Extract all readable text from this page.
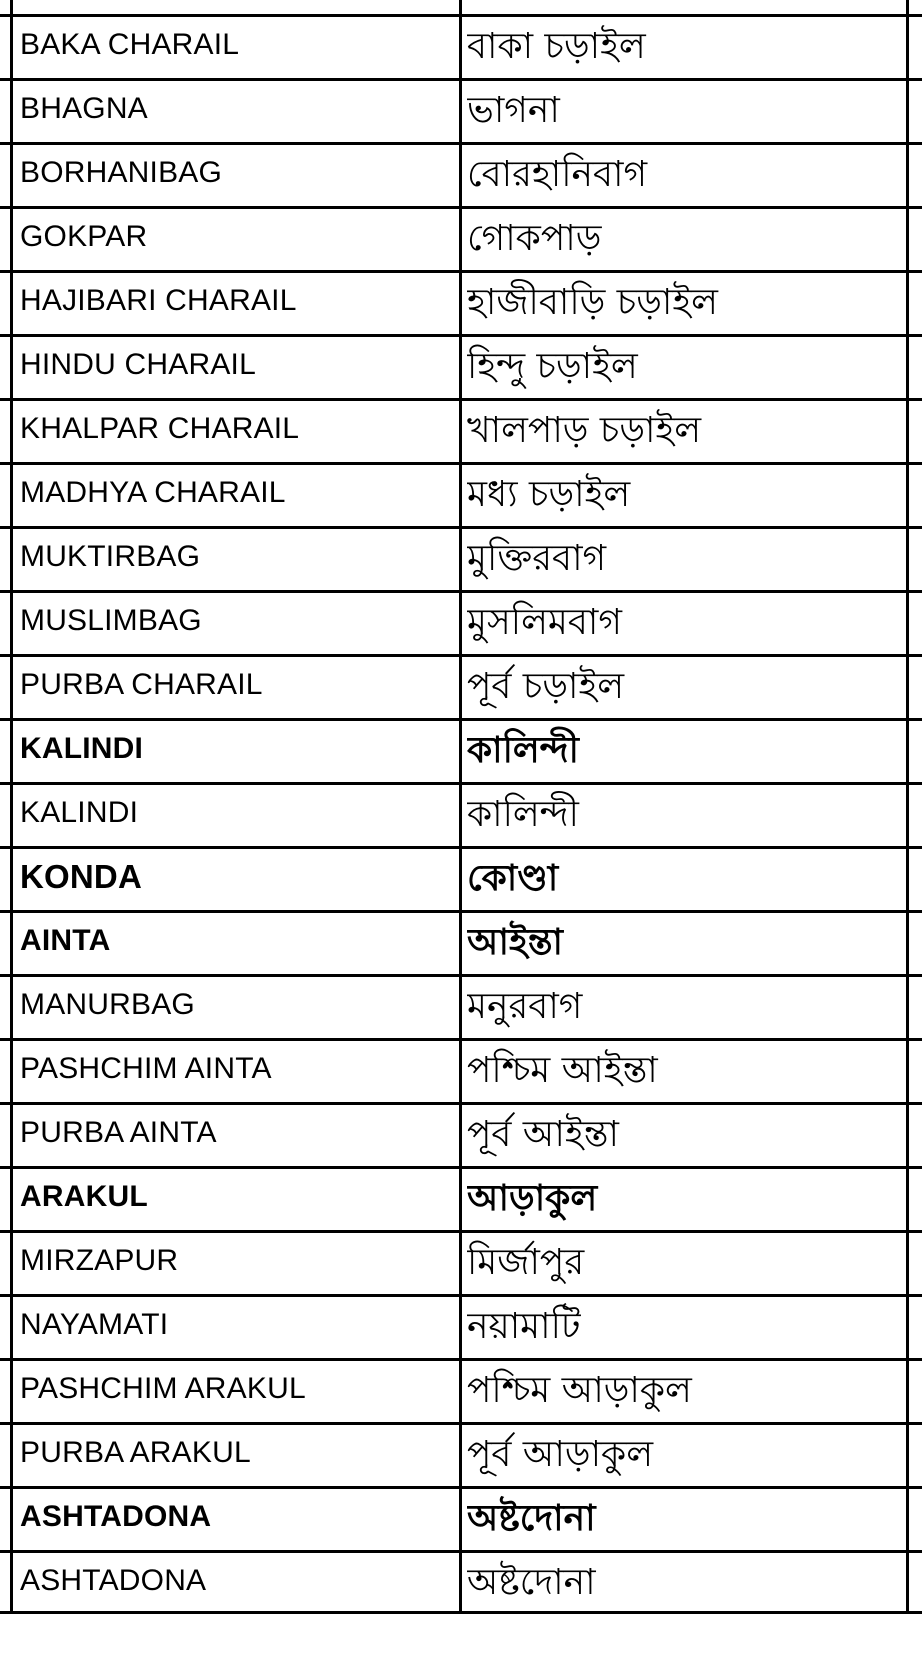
BAKA CHARAIL	বাকা চড়াইল
BHAGNA	ভাগনা
BORHANIBAG	বোরহানিবাগ
GOKPAR	গোকপাড়
HAJIBARI CHARAIL	হাজীবাড়ি চড়াইল
HINDU CHARAIL	হিন্দু চড়াইল
KHALPAR CHARAIL	খালপাড় চড়াইল
MADHYA CHARAIL	মধ্য চড়াইল
MUKTIRBAG	মুক্তিরবাগ
MUSLIMBAG	মুসলিমবাগ
PURBA CHARAIL	পূর্ব চড়াইল
KALINDI	কালিন্দী
KALINDI	কালিন্দী
KONDA	কোণ্ডা
AINTA	আইন্তা
MANURBAG	মনুরবাগ
PASHCHIM AINTA	পশ্চিম আইন্তা
PURBA AINTA	পূর্ব আইন্তা
ARAKUL	আড়াকুল
MIRZAPUR	মির্জাপুর
NAYAMATI	নয়ামাটি
PASHCHIM ARAKUL	পশ্চিম আড়াকুল
PURBA ARAKUL	পূর্ব আড়াকুল
ASHTADONA	অষ্টদোনা
ASHTADONA	অষ্টদোনা
